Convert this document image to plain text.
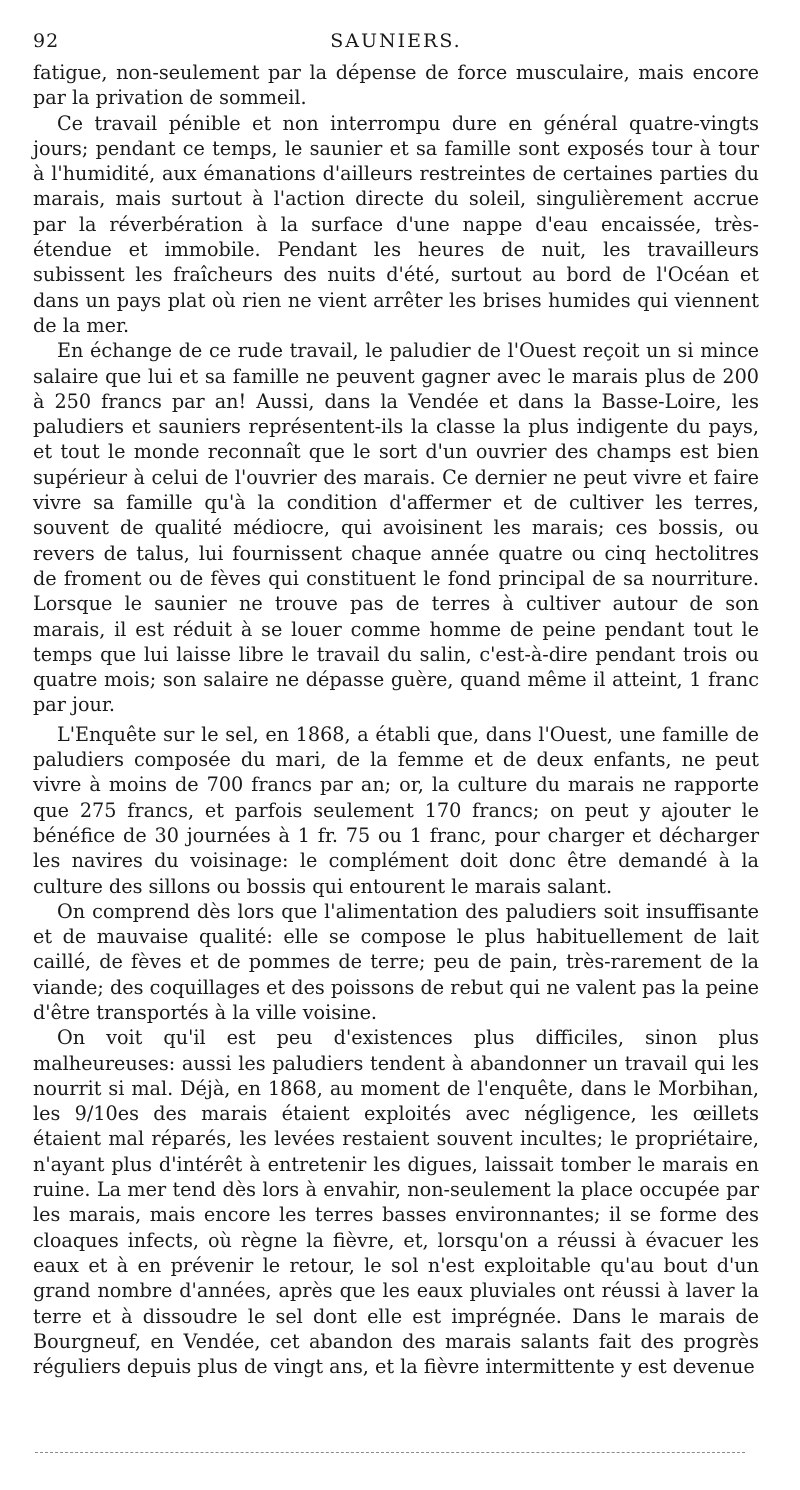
92	SAUNIERS.

fatigue, non-seulement par la dépense de force musculaire, mais encore par la privation de sommeil.

Ce travail pénible et non interrompu dure en général quatre-vingts jours; pendant ce temps, le saunier et sa famille sont exposés tour à tour à l'humidité, aux émanations d'ailleurs restreintes de certaines parties du marais, mais surtout à l'action directe du soleil, singulièrement accrue par la réverbération à la surface d'une nappe d'eau encaissée, très-étendue et immobile. Pendant les heures de nuit, les travailleurs subissent les fraîcheurs des nuits d'été, surtout au bord de l'Océan et dans un pays plat où rien ne vient arrêter les brises humides qui viennent de la mer.

En échange de ce rude travail, le paludier de l'Ouest reçoit un si mince salaire que lui et sa famille ne peuvent gagner avec le marais plus de 200 à 250 francs par an! Aussi, dans la Vendée et dans la Basse-Loire, les paludiers et sauniers représentent-ils la classe la plus indigente du pays, et tout le monde reconnaît que le sort d'un ouvrier des champs est bien supérieur à celui de l'ouvrier des marais. Ce dernier ne peut vivre et faire vivre sa famille qu'à la condition d'affermer et de cultiver les terres, souvent de qualité médiocre, qui avoisinent les marais; ces bossis, ou revers de talus, lui fournissent chaque année quatre ou cinq hectolitres de froment ou de fèves qui constituent le fond principal de sa nourriture. Lorsque le saunier ne trouve pas de terres à cultiver autour de son marais, il est réduit à se louer comme homme de peine pendant tout le temps que lui laisse libre le travail du salin, c'est-à-dire pendant trois ou quatre mois; son salaire ne dépasse guère, quand même il atteint, 1 franc par jour.

L'Enquête sur le sel, en 1868, a établi que, dans l'Ouest, une famille de paludiers composée du mari, de la femme et de deux enfants, ne peut vivre à moins de 700 francs par an; or, la culture du marais ne rapporte que 275 francs, et parfois seulement 170 francs; on peut y ajouter le bénéfice de 30 journées à 1 fr. 75 ou 1 franc, pour charger et décharger les navires du voisinage: le complément doit donc être demandé à la culture des sillons ou bossis qui entourent le marais salant.

On comprend dès lors que l'alimentation des paludiers soit insuffisante et de mauvaise qualité: elle se compose le plus habituellement de lait caillé, de fèves et de pommes de terre; peu de pain, très-rarement de la viande; des coquillages et des poissons de rebut qui ne valent pas la peine d'être transportés à la ville voisine.

On voit qu'il est peu d'existences plus difficiles, sinon plus malheureuses: aussi les paludiers tendent à abandonner un travail qui les nourrit si mal. Déjà, en 1868, au moment de l'enquête, dans le Morbihan, les 9/10es des marais étaient exploités avec négligence, les œillets étaient mal réparés, les levées restaient souvent incultes; le propriétaire, n'ayant plus d'intérêt à entretenir les digues, laissait tomber le marais en ruine. La mer tend dès lors à envahir, non-seulement la place occupée par les marais, mais encore les terres basses environnantes; il se forme des cloaques infects, où règne la fièvre, et, lorsqu'on a réussi à évacuer les eaux et à en prévenir le retour, le sol n'est exploitable qu'au bout d'un grand nombre d'années, après que les eaux pluviales ont réussi à laver la terre et à dissoudre le sel dont elle est imprégnée. Dans le marais de Bourgneuf, en Vendée, cet abandon des marais salants fait des progrès réguliers depuis plus de vingt ans, et la fièvre intermittente y est devenue
